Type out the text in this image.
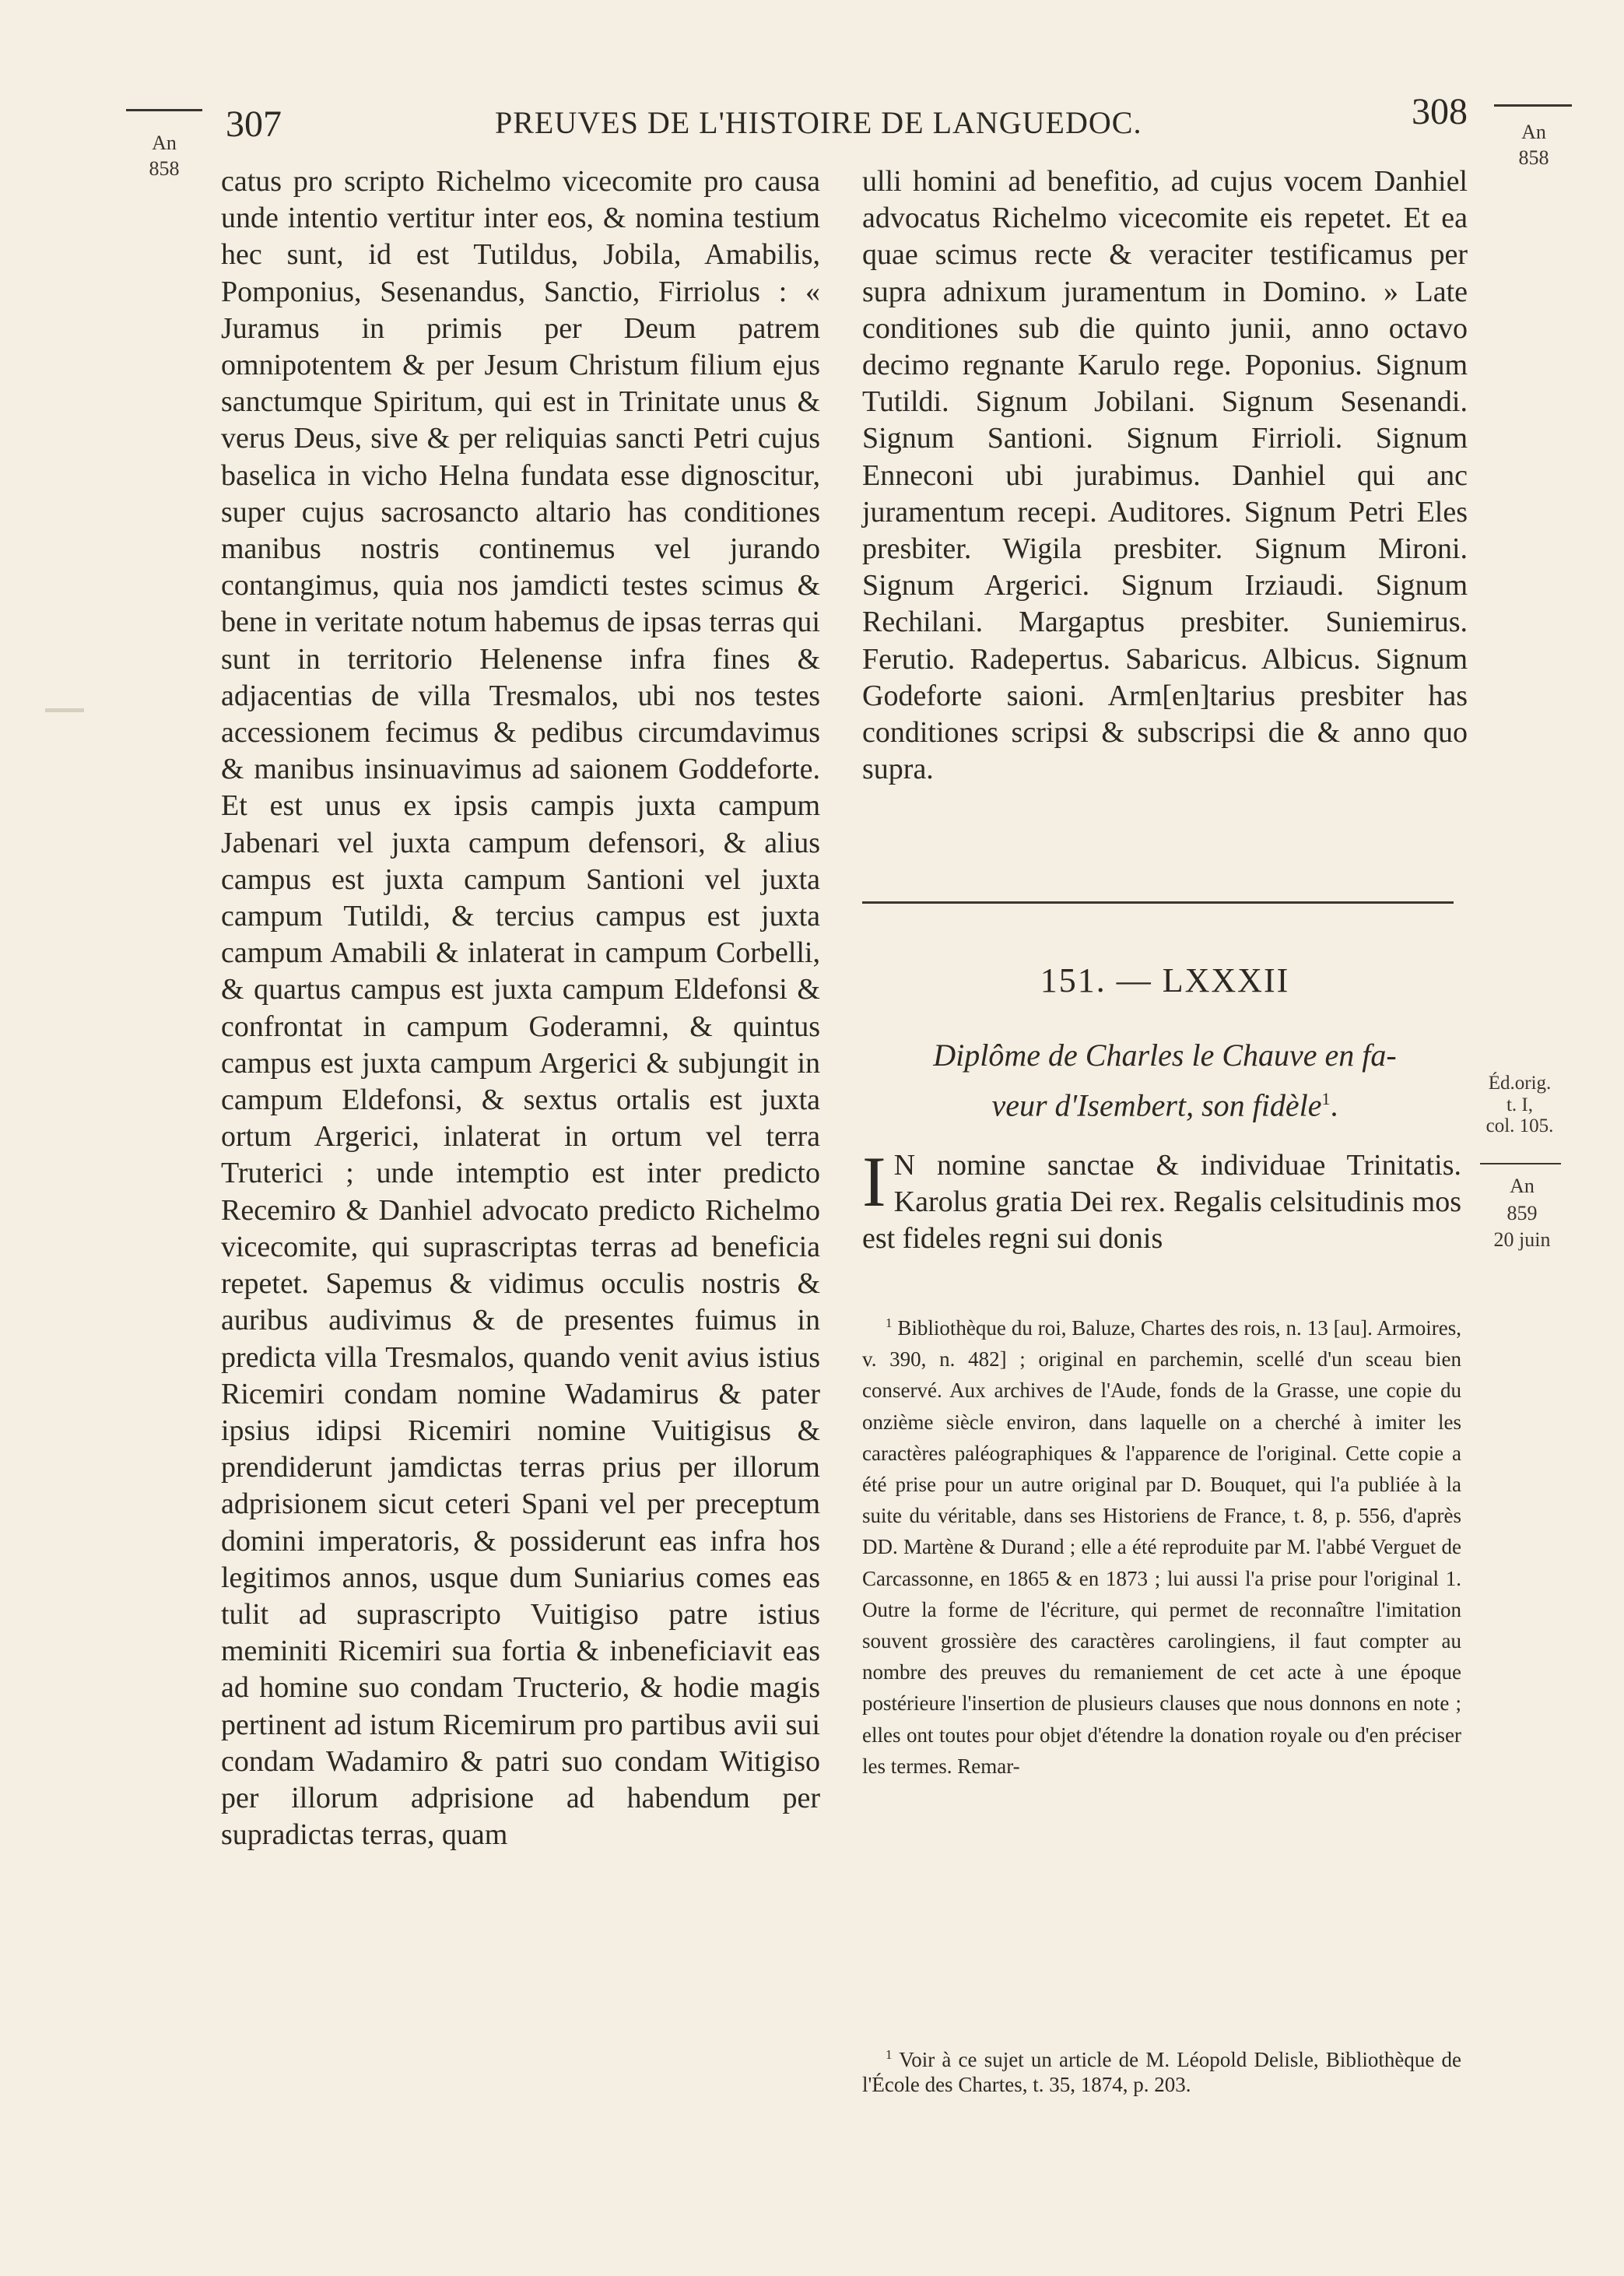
307	PREUVES DE L'HISTOIRE DE LANGUEDOC.	308
An
858
An
858
Éd.orig.
t. I,
col. 105.
An
859
20 juin

catus pro scripto Richelmo vicecomite pro causa unde intentio vertitur inter eos, & nomina testium hec sunt, id est Tutildus, Jobila, Amabilis, Pomponius, Sesenandus, Sanctio, Firriolus : « Juramus in primis per Deum patrem omnipotentem & per Jesum Christum filium ejus sanctumque Spiritum, qui est in Trinitate unus & verus Deus, sive & per reliquias sancti Petri cujus baselica in vicho Helna fundata esse dignoscitur, super cujus sacrosancto altario has conditiones manibus nostris continemus vel jurando contangimus, quia nos jamdicti testes scimus & bene in veritate notum habemus de ipsas terras qui sunt in territorio Helenense infra fines & adjacentias de villa Tresmalos, ubi nos testes accessionem fecimus & pedibus circumdavimus & manibus insinuavimus ad saionem Goddeforte. Et est unus ex ipsis campis juxta campum Jabenari vel juxta campum defensori, & alius campus est juxta campum Santioni vel juxta campum Tutildi, & tercius campus est juxta campum Amabili & inlaterat in campum Corbelli, & quartus campus est juxta campum Eldefonsi & confrontat in campum Goderamni, & quintus campus est juxta campum Argerici & subjungit in campum Eldefonsi, & sextus ortalis est juxta ortum Argerici, inlaterat in ortum vel terra Truterici ; unde intemptio est inter predicto Recemiro & Danhiel advocato predicto Richelmo vicecomite, qui suprascriptas terras ad beneficia repetet. Sapemus & vidimus occulis nostris & auribus audivimus & de presentes fuimus in predicta villa Tresmalos, quando venit avius istius Ricemiri condam nomine Wadamirus & pater ipsius idipsi Ricemiri nomine Vuitigisus & prendiderunt jamdictas terras prius per illorum adprisionem sicut ceteri Spani vel per preceptum domini imperatoris, & possiderunt eas infra hos legitimos annos, usque dum Suniarius comes eas tulit ad suprascripto Vuitigiso patre istius meminiti Ricemiri sua fortia & inbeneficiavit eas ad homine suo condam Tructerio, & hodie magis pertinent ad istum Ricemirum pro partibus avii sui condam Wadamiro & patri suo condam Witigiso per illorum adprisione ad habendum per supradictas terras, quam

ulli homini ad benefitio, ad cujus vocem Danhiel advocatus Richelmo vicecomite eis repetet. Et ea quae scimus recte & veraciter testificamus per supra adnixum juramentum in Domino. » Late conditiones sub die quinto junii, anno octavo decimo regnante Karulo rege. Poponius. Signum Tutildi. Signum Jobilani. Signum Sesenandi. Signum Santioni. Signum Firrioli. Signum Enneconi ubi jurabimus. Danhiel qui anc juramentum recepi. Auditores. Signum Petri Eles presbiter. Wigila presbiter. Signum Mironi. Signum Argerici. Signum Irziaudi. Signum Rechilani. Margaptus presbiter. Suniemirus. Ferutio. Radepertus. Sabaricus. Albicus. Signum Godeforte saioni. Arm[en]tarius presbiter has conditiones scripsi & subscripsi die & anno quo supra.

151. — LXXXII
Diplôme de Charles le Chauve en fa-
veur d'Isembert, son fidèle$^1$.
I N nomine sanctae & individuae Trinitatis. Karolus gratia Dei rex. Regalis celsitudinis mos est fideles regni sui donis

$^1$ Bibliothèque du roi, Baluze, Chartes des rois, n. 13 [au]. Armoires, v. 390, n. 482] ; original en parchemin, scellé d'un sceau bien conservé. Aux archives de l'Aude, fonds de la Grasse, une copie du onzième siècle environ, dans laquelle on a cherché à imiter les caractères paléographiques & l'apparence de l'original. Cette copie a été prise pour un autre original par D. Bouquet, qui l'a publiée à la suite du véritable, dans ses Historiens de France, t. 8, p. 556, d'après DD. Martène & Durand ; elle a été reproduite par M. l'abbé Verguet de Carcassonne, en 1865 & en 1873 ; lui aussi l'a prise pour l'original 1. Outre la forme de l'écriture, qui permet de reconnaître l'imitation souvent grossière des caractères carolingiens, il faut compter au nombre des preuves du remaniement de cet acte à une époque postérieure l'insertion de plusieurs clauses que nous donnons en note ; elles ont toutes pour objet d'étendre la donation royale ou d'en préciser les termes. Remar-

$^1$ Voir à ce sujet un article de M. Léopold Delisle, Bibliothèque de l'École des Chartes, t. 35, 1874, p. 203.
